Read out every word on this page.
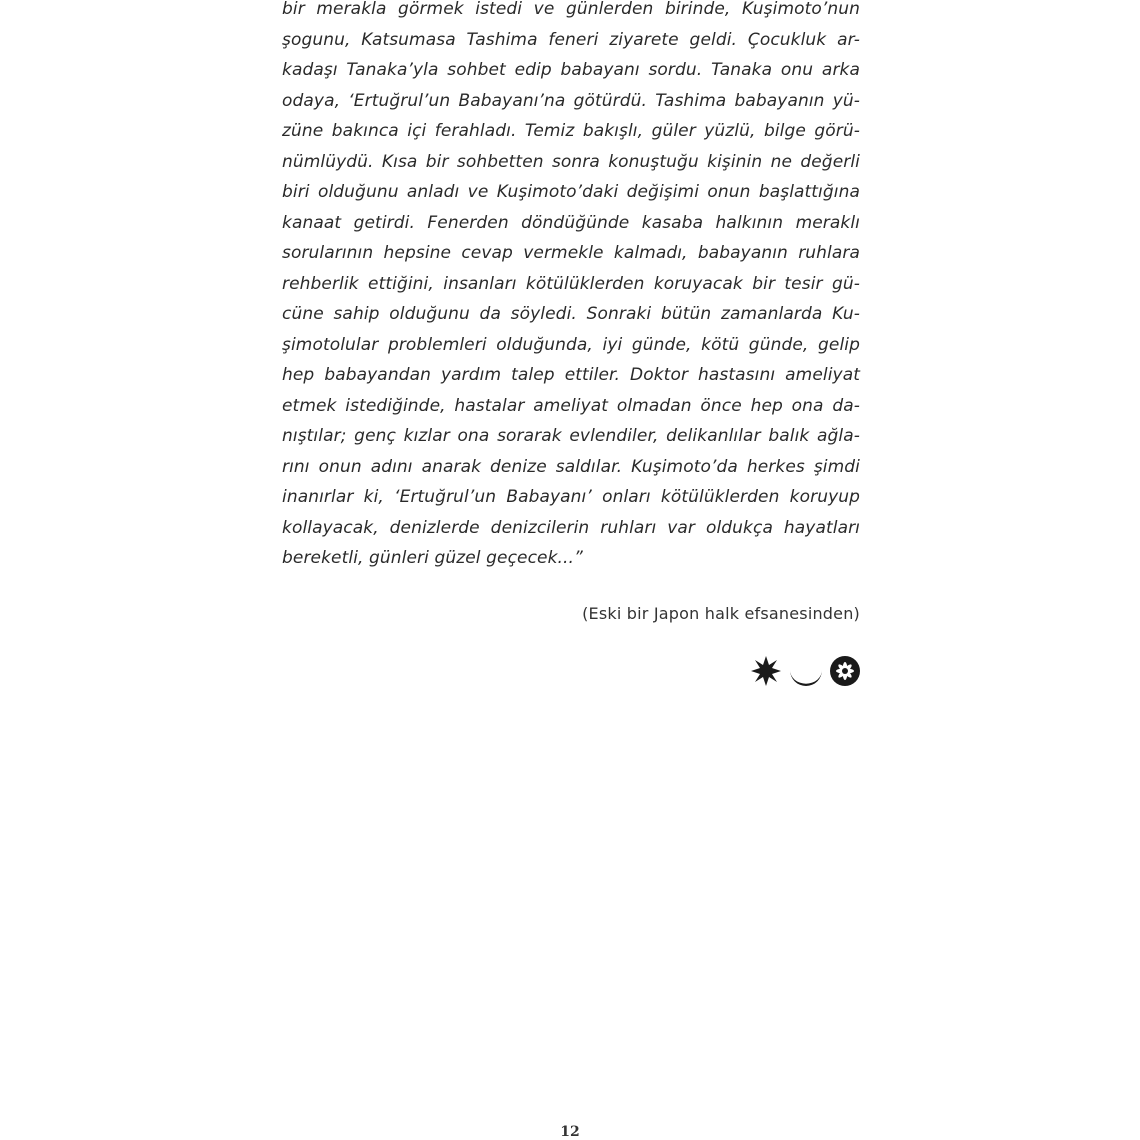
bir merakla görmek istedi ve günlerden birinde, Kuşimoto’nun
şogunu, Katsumasa Tashima feneri ziyarete geldi. Çocukluk ar-
kadaşı Tanaka’yla sohbet edip babayanı sordu. Tanaka onu arka
odaya, ‘Ertuğrul’un Babayanı’na götürdü. Tashima babayanın yü-
züne bakınca içi ferahladı. Temiz bakışlı, güler yüzlü, bilge görü-
nümlüydü. Kısa bir sohbetten sonra konuştuğu kişinin ne değerli
biri olduğunu anladı ve Kuşimoto’daki değişimi onun başlattığına
kanaat getirdi. Fenerden döndüğünde kasaba halkının meraklı
sorularının hepsine cevap vermekle kalmadı, babayanın ruhlara
rehberlik ettiğini, insanları kötülüklerden koruyacak bir tesir gü-
cüne sahip olduğunu da söyledi. Sonraki bütün zamanlarda Ku-
şimotolular problemleri olduğunda, iyi günde, kötü günde, gelip
hep babayandan yardım talep ettiler. Doktor hastasını ameliyat
etmek istediğinde, hastalar ameliyat olmadan önce hep ona da-
nıştılar; genç kızlar ona sorarak evlendiler, delikanlılar balık ağla-
rını onun adını anarak denize saldılar. Kuşimoto’da herkes şimdi
inanırlar ki, ‘Ertuğrul’un Babayanı’ onları kötülüklerden koruyup
kollayacak, denizlerde denizcilerin ruhları var oldukça hayatları
bereketli, günleri güzel geçecek...”
(Eski bir Japon halk efsanesinden)
12
